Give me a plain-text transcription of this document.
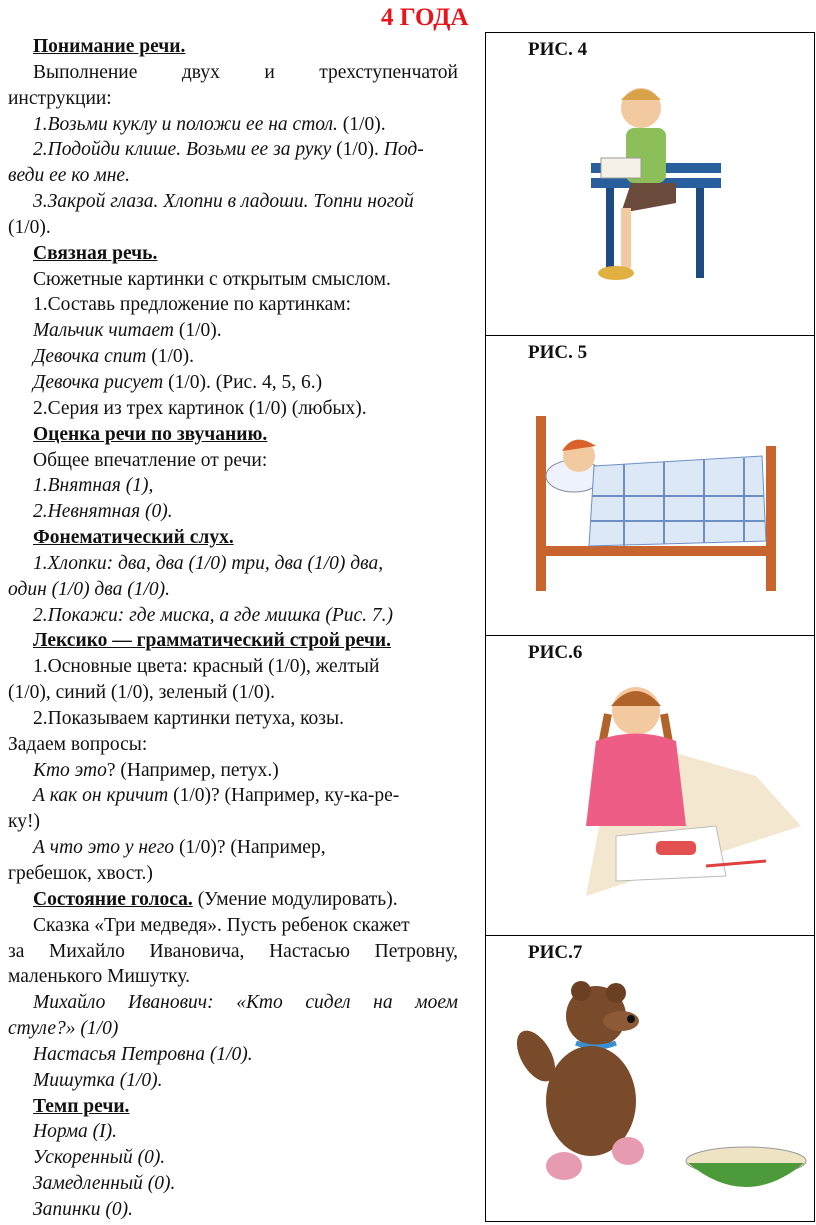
4 ГОДА
Понимание речи.
Выполнение двух и трехступенчатой
инструкции:
1.Возьми куклу и положи ее на стол. (1/0).
2.Подойди клише. Возьми ее за руку (1/0). Под-
веди ее ко мне.
3.Закрой глаза. Хлопни в ладоши. Топни ногой
(1/0).
Связная речь.
Сюжетные картинки с открытым смыслом.
1.Составь предложение по картинкам:
Мальчик читает (1/0).
Девочка спит (1/0).
Девочка рисует (1/0). (Рис. 4, 5, 6.)
2.Серия из трех картинок (1/0) (любых).
Оценка речи по звучанию.
Общее впечатление от речи:
1.Внятная (1),
2.Невнятная (0).
Фонематический слух.
1.Хлопки: два, два (1/0) три, два (1/0) два,
один (1/0) два (1/0).
2.Покажи: где миска, а где мишка (Рис. 7.)
Лексико — грамматический строй речи.
1.Основные цвета: красный (1/0), желтый
(1/0), синий (1/0), зеленый (1/0).
2.Показываем картинки петуха, козы.
Задаем вопросы:
Кто это? (Например, петух.)
А как он кричит (1/0)? (Например, ку-ка-ре-
ку!)
А что это у него (1/0)? (Например,
гребешок, хвост.)
Состояние голоса. (Умение модулировать).
Сказка «Три медведя». Пусть ребенок скажет
за Михайло Ивановича, Настасью Петровну,
маленького Мишутку.
Михайло Иванович: «Кто сидел на моем
стуле?» (1/0)
Настасья Петровна (1/0).
Мишутка (1/0).
Темп речи.
Норма (I).
Ускоренный (0).
Замедленный (0).
Запинки (0).
РИС. 4
РИС. 5
РИС.6
РИС.7
